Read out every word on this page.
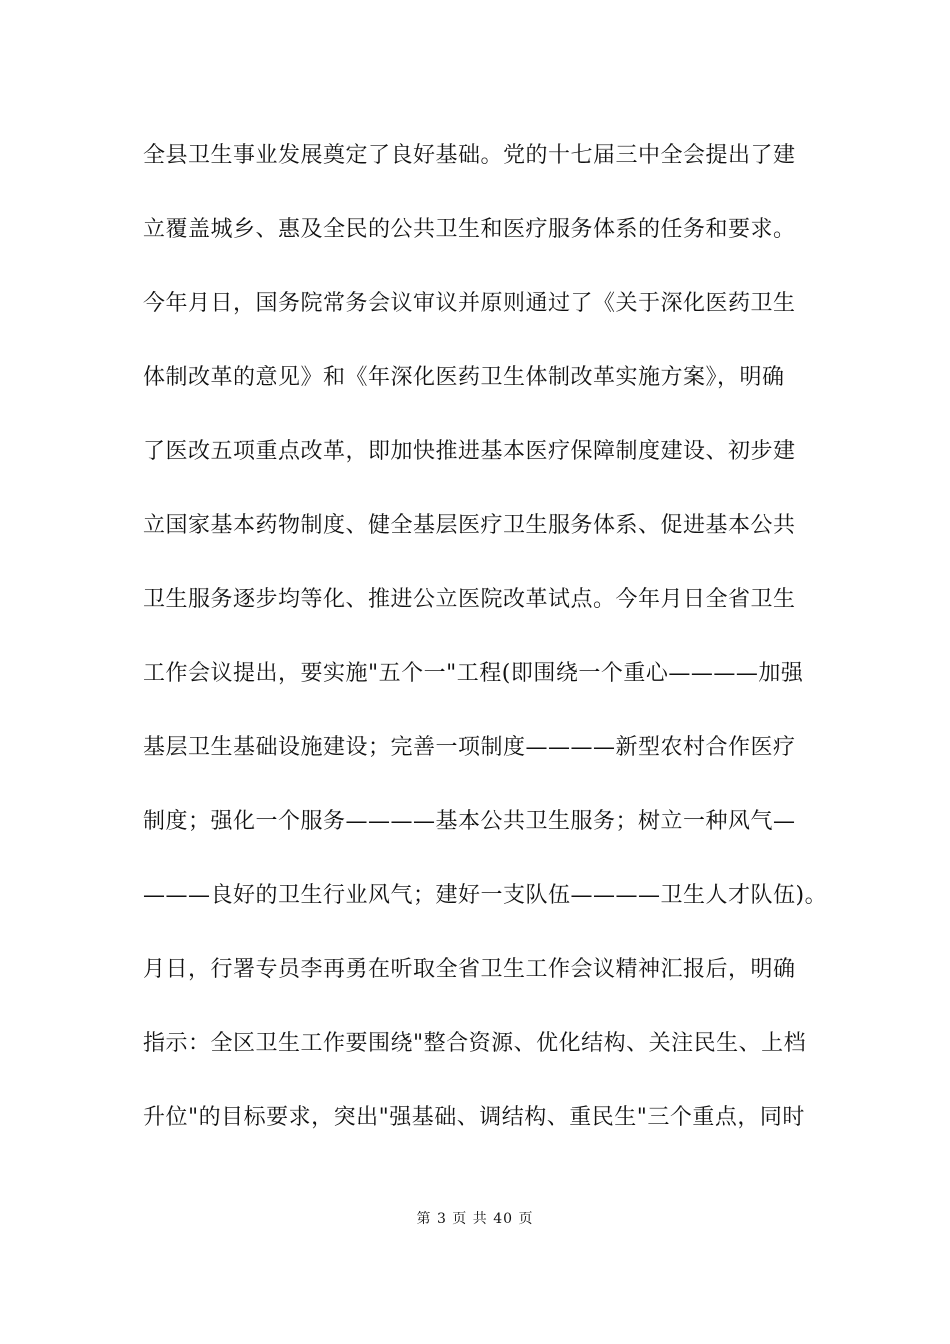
全县卫生事业发展奠定了良好基础。党的十七届三中全会提出了建
立覆盖城乡、惠及全民的公共卫生和医疗服务体系的任务和要求。
今年月日，国务院常务会议审议并原则通过了《关于深化医药卫生
体制改革的意见》和《年深化医药卫生体制改革实施方案》，明确
了医改五项重点改革，即加快推进基本医疗保障制度建设、初步建
立国家基本药物制度、健全基层医疗卫生服务体系、促进基本公共
卫生服务逐步均等化、推进公立医院改革试点。今年月日全省卫生
工作会议提出，要实施"五个一"工程(即围绕一个重心————加强
基层卫生基础设施建设；完善一项制度————新型农村合作医疗
制度；强化一个服务————基本公共卫生服务；树立一种风气—
———良好的卫生行业风气；建好一支队伍————卫生人才队伍)。
月日，行署专员李再勇在听取全省卫生工作会议精神汇报后，明确
指示：全区卫生工作要围绕"整合资源、优化结构、关注民生、上档
升位"的目标要求，突出"强基础、调结构、重民生"三个重点，同时
第 3 页 共 40 页
